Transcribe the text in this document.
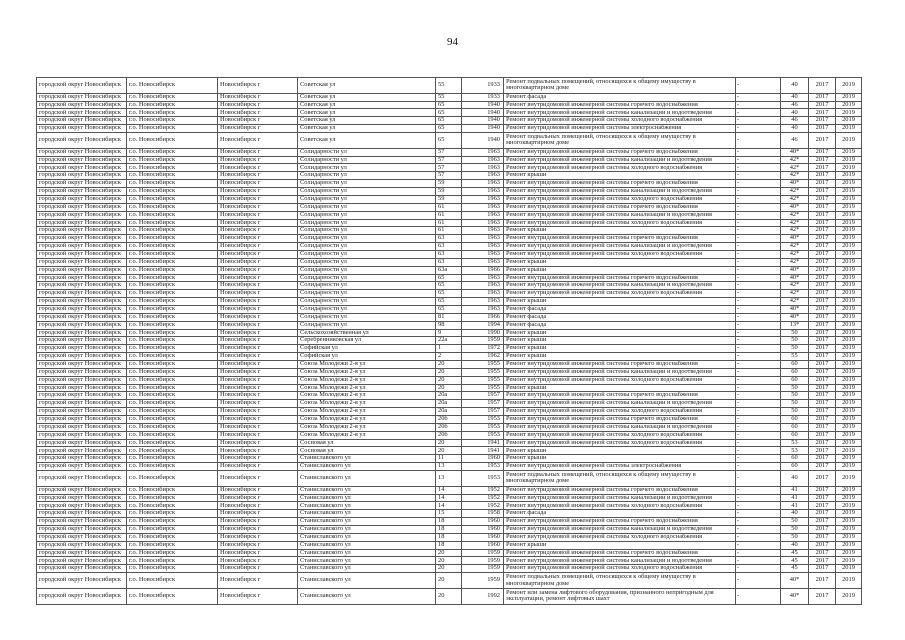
94
городской округ Новосибирск	г.о. Новосибирск	Новосибирск г	Советская ул	55	1933 Ремонт подвальных помещений, относящихся к общему имуществу в многоквартирном доме	-	40	2017	2019
городской округ Новосибирск	г.о. Новосибирск	Новосибирск г	Советская ул	55	1933 Ремонт фасада	-	40	2017	2019
городской округ Новосибирск	г.о. Новосибирск	Новосибирск г	Советская ул	65	1940 Ремонт внутридомовой инженерной системы горячего водоснабжения	-	46	2017	2019
городской округ Новосибирск	г.о. Новосибирск	Новосибирск г	Советская ул	65	1940 Ремонт внутридомовой инженерной системы канализации и водоотведения	-	40	2017	2019
городской округ Новосибирск	г.о. Новосибирск	Новосибирск г	Советская ул	65	1940 Ремонт внутридомовой инженерной системы холодного водоснабжения	-	46	2017	2019
городской округ Новосибирск	г.о. Новосибирск	Новосибирск г	Советская ул	65	1940 Ремонт внутридомовой инженерной системы электроснабжения	-	40	2017	2019
городской округ Новосибирск	г.о. Новосибирск	Новосибирск г	Советская ул	65	1940 Ремонт подвальных помещений, относящихся к общему имуществу в многоквартирном доме	-	46	2017	2019
городской округ Новосибирск	г.о. Новосибирск	Новосибирск г	Солидарности ул	57	1963 Ремонт внутридомовой инженерной системы горячего водоснабжения	-	40*	2017	2019
городской округ Новосибирск	г.о. Новосибирск	Новосибирск г	Солидарности ул	57	1963 Ремонт внутридомовой инженерной системы канализации и водоотведения	-	42*	2017	2019
городской округ Новосибирск	г.о. Новосибирск	Новосибирск г	Солидарности ул	57	1963 Ремонт внутридомовой инженерной системы холодного водоснабжения	-	42*	2017	2019
городской округ Новосибирск	г.о. Новосибирск	Новосибирск г	Солидарности ул	57	1963 Ремонт крыши	-	42*	2017	2019
городской округ Новосибирск	г.о. Новосибирск	Новосибирск г	Солидарности ул	59	1963 Ремонт внутридомовой инженерной системы горячего водоснабжения	-	40*	2017	2019
городской округ Новосибирск	г.о. Новосибирск	Новосибирск г	Солидарности ул	59	1963 Ремонт внутридомовой инженерной системы канализации и водоотведения	-	42*	2017	2019
городской округ Новосибирск	г.о. Новосибирск	Новосибирск г	Солидарности ул	59	1963 Ремонт внутридомовой инженерной системы холодного водоснабжения	-	42*	2017	2019
городской округ Новосибирск	г.о. Новосибирск	Новосибирск г	Солидарности ул	61	1963 Ремонт внутридомовой инженерной системы горячего водоснабжения	-	40*	2017	2019
городской округ Новосибирск	г.о. Новосибирск	Новосибирск г	Солидарности ул	61	1963 Ремонт внутридомовой инженерной системы канализации и водоотведения	-	42*	2017	2019
городской округ Новосибирск	г.о. Новосибирск	Новосибирск г	Солидарности ул	61	1963 Ремонт внутридомовой инженерной системы холодного водоснабжения	-	42*	2017	2019
городской округ Новосибирск	г.о. Новосибирск	Новосибирск г	Солидарности ул	61	1963 Ремонт крыши	-	42*	2017	2019
городской округ Новосибирск	г.о. Новосибирск	Новосибирск г	Солидарности ул	63	1963 Ремонт внутридомовой инженерной системы горячего водоснабжения	-	40*	2017	2019
городской округ Новосибирск	г.о. Новосибирск	Новосибирск г	Солидарности ул	63	1963 Ремонт внутридомовой инженерной системы канализации и водоотведения	-	42*	2017	2019
городской округ Новосибирск	г.о. Новосибирск	Новосибирск г	Солидарности ул	63	1963 Ремонт внутридомовой инженерной системы холодного водоснабжения	-	42*	2017	2019
городской округ Новосибирск	г.о. Новосибирск	Новосибирск г	Солидарности ул	63	1963 Ремонт крыши	-	42*	2017	2019
городской округ Новосибирск	г.о. Новосибирск	Новосибирск г	Солидарности ул	63а	1966 Ремонт крыши	-	40*	2017	2019
городской округ Новосибирск	г.о. Новосибирск	Новосибирск г	Солидарности ул	65	1963 Ремонт внутридомовой инженерной системы горячего водоснабжения	-	40*	2017	2019
городской округ Новосибирск	г.о. Новосибирск	Новосибирск г	Солидарности ул	65	1963 Ремонт внутридомовой инженерной системы канализации и водоотведения	-	42*	2017	2019
городской округ Новосибирск	г.о. Новосибирск	Новосибирск г	Солидарности ул	65	1963 Ремонт внутридомовой инженерной системы холодного водоснабжения	-	42*	2017	2019
городской округ Новосибирск	г.о. Новосибирск	Новосибирск г	Солидарности ул	65	1963 Ремонт крыши	-	42*	2017	2019
городской округ Новосибирск	г.о. Новосибирск	Новосибирск г	Солидарности ул	65	1963 Ремонт фасада	-	40*	2017	2019
городской округ Новосибирск	г.о. Новосибирск	Новосибирск г	Солидарности ул	81	1966 Ремонт фасада	-	40*	2017	2019
городской округ Новосибирск	г.о. Новосибирск	Новосибирск г	Солидарности ул	98	1994 Ремонт фасада	-	13*	2017	2019
городской округ Новосибирск	г.о. Новосибирск	Новосибирск г	Сельскохозяйственная ул	9	1990 Ремонт крыши	-	50	2017	2019
городской округ Новосибирск	г.о. Новосибирск	Новосибирск г	Серебренниковская ул	22а	1959 Ремонт крыши	-	50	2017	2019
городской округ Новосибирск	г.о. Новосибирск	Новосибирск г	Софийская ул	1	1972 Ремонт крыши	-	50	2017	2019
городской округ Новосибирск	г.о. Новосибирск	Новосибирск г	Софийская ул	2	1962 Ремонт крыши	-	55	2017	2019
городской округ Новосибирск	г.о. Новосибирск	Новосибирск г	Союза Молодежи 2-я ул	20	1955 Ремонт внутридомовой инженерной системы горячего водоснабжения	-	60	2017	2019
городской округ Новосибирск	г.о. Новосибирск	Новосибирск г	Союза Молодежи 2-я ул	20	1955 Ремонт внутридомовой инженерной системы канализации и водоотведения	-	60	2017	2019
городской округ Новосибирск	г.о. Новосибирск	Новосибирск г	Союза Молодежи 2-я ул	20	1955 Ремонт внутридомовой инженерной системы холодного водоснабжения	-	60	2017	2019
городской округ Новосибирск	г.о. Новосибирск	Новосибирск г	Союза Молодежи 2-я ул	20	1955 Ремонт крыши	-	50	2017	2019
городской округ Новосибирск	г.о. Новосибирск	Новосибирск г	Союза Молодежи 2-я ул	20а	1957 Ремонт внутридомовой инженерной системы горячего водоснабжения	-	50	2017	2019
городской округ Новосибирск	г.о. Новосибирск	Новосибирск г	Союза Молодежи 2-я ул	20а	1957 Ремонт внутридомовой инженерной системы канализации и водоотведения	-	50	2017	2019
городской округ Новосибирск	г.о. Новосибирск	Новосибирск г	Союза Молодежи 2-я ул	20а	1957 Ремонт внутридомовой инженерной системы холодного водоснабжения	-	50	2017	2019
городской округ Новосибирск	г.о. Новосибирск	Новосибирск г	Союза Молодежи 2-я ул	20б	1953 Ремонт внутридомовой инженерной системы горячего водоснабжения	-	60	2017	2019
городской округ Новосибирск	г.о. Новосибирск	Новосибирск г	Союза Молодежи 2-я ул	20б	1953 Ремонт внутридомовой инженерной системы канализации и водоотведения	-	60	2017	2019
городской округ Новосибирск	г.о. Новосибирск	Новосибирск г	Союза Молодежи 2-я ул	20б	1953 Ремонт внутридомовой инженерной системы холодного водоснабжения	-	60	2017	2019
городской округ Новосибирск	г.о. Новосибирск	Новосибирск г	Сосновая ул	20	1941 Ремонт внутридомовой инженерной системы холодного водоснабжения	-	53	2017	2019
городской округ Новосибирск	г.о. Новосибирск	Новосибирск г	Сосновая ул	20	1941 Ремонт крыши	-	53	2017	2019
городской округ Новосибирск	г.о. Новосибирск	Новосибирск г	Станиславского ул	11	1960 Ремонт крыши	-	60	2017	2019
городской округ Новосибирск	г.о. Новосибирск	Новосибирск г	Станиславского ул	13	1953 Ремонт внутридомовой инженерной системы электроснабжения	-	60	2017	2019
городской округ Новосибирск	г.о. Новосибирск	Новосибирск г	Станиславского ул	13	1953 Ремонт подвальных помещений, относящихся к общему имуществу в многоквартирном доме	-	40	2017	2019
городской округ Новосибирск	г.о. Новосибирск	Новосибирск г	Станиславского ул	14	1952 Ремонт внутридомовой инженерной системы горячего водоснабжения	-	41	2017	2019
городской округ Новосибирск	г.о. Новосибирск	Новосибирск г	Станиславского ул	14	1952 Ремонт внутридомовой инженерной системы канализации и водоотведения	-	41	2017	2019
городской округ Новосибирск	г.о. Новосибирск	Новосибирск г	Станиславского ул	14	1952 Ремонт внутридомовой инженерной системы холодного водоснабжения	-	41	2017	2019
городской округ Новосибирск	г.о. Новосибирск	Новосибирск г	Станиславского ул	15	1958 Ремонт фасада	-	40	2017	2019
городской округ Новосибирск	г.о. Новосибирск	Новосибирск г	Станиславского ул	18	1960 Ремонт внутридомовой инженерной системы горячего водоснабжения	-	50	2017	2019
городской округ Новосибирск	г.о. Новосибирск	Новосибирск г	Станиславского ул	18	1960 Ремонт внутридомовой инженерной системы канализации и водоотведения	-	50	2017	2019
городской округ Новосибирск	г.о. Новосибирск	Новосибирск г	Станиславского ул	18	1960 Ремонт внутридомовой инженерной системы холодного водоснабжения	-	50	2017	2019
городской округ Новосибирск	г.о. Новосибирск	Новосибирск г	Станиславского ул	18	1960 Ремонт крыши	-	40	2017	2019
городской округ Новосибирск	г.о. Новосибирск	Новосибирск г	Станиславского ул	20	1959 Ремонт внутридомовой инженерной системы горячего водоснабжения	-	45	2017	2019
городской округ Новосибирск	г.о. Новосибирск	Новосибирск г	Станиславского ул	20	1959 Ремонт внутридомовой инженерной системы канализации и водоотведения	-	45	2017	2019
городской округ Новосибирск	г.о. Новосибирск	Новосибирск г	Станиславского ул	20	1959 Ремонт внутридомовой инженерной системы холодного водоснабжения	-	45	2017	2019
городской округ Новосибирск	г.о. Новосибирск	Новосибирск г	Станиславского ул	20	1959 Ремонт подвальных помещений, относящихся к общему имуществу в многоквартирном доме	-	40*	2017	2019
городской округ Новосибирск	г.о. Новосибирск	Новосибирск г	Станиславского ул	20	1992 Ремонт или замена лифтового оборудования, признанного непригодным для эксплуатации, ремонт лифтовых шахт	-	40*	2017	2019
